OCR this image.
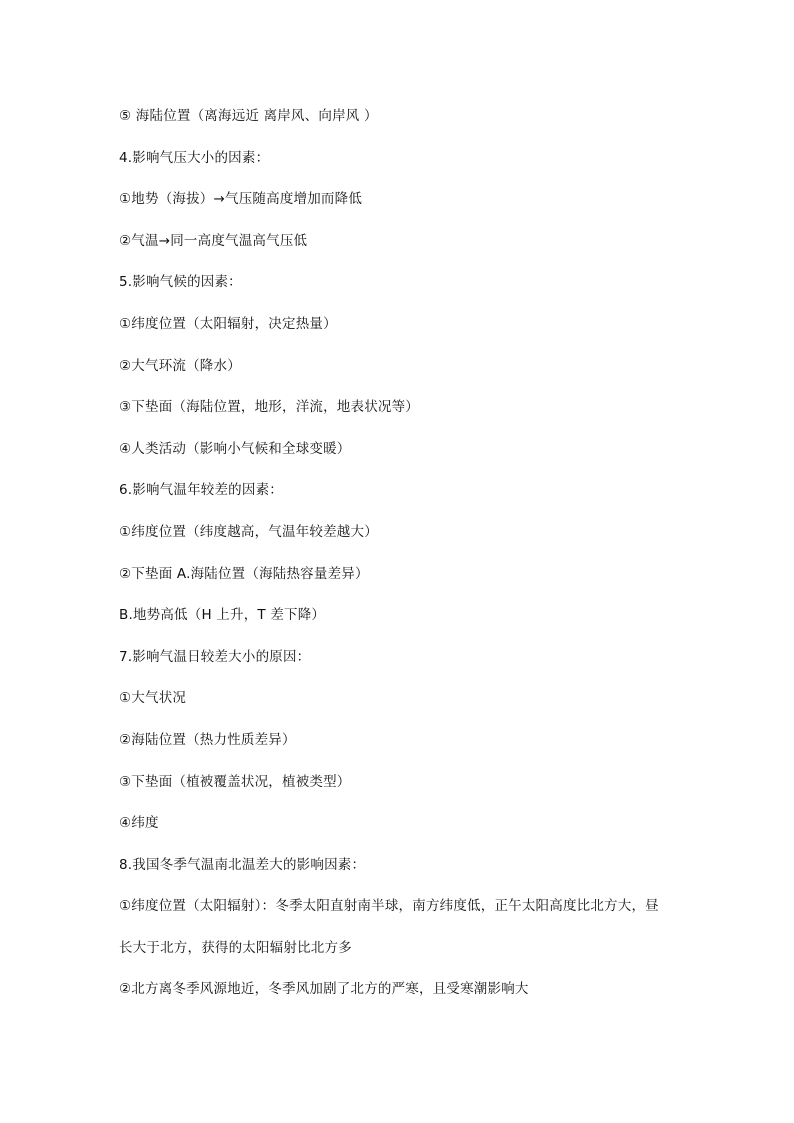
⑤ 海陆位置（离海远近 离岸风、向岸风 ）

4.影响气压大小的因素：

①地势（海拔）→气压随高度增加而降低

②气温→同一高度气温高气压低

5.影响气候的因素：

①纬度位置（太阳辐射，决定热量）

②大气环流（降水）

③下垫面（海陆位置，地形，洋流，地表状况等）

④人类活动（影响小气候和全球变暖）

6.影响气温年较差的因素：

①纬度位置（纬度越高，气温年较差越大）

②下垫面 A.海陆位置（海陆热容量差异）

B.地势高低（H 上升，T 差下降）

7.影响气温日较差大小的原因：

①大气状况

②海陆位置（热力性质差异）

③下垫面（植被覆盖状况，植被类型）

④纬度

8.我国冬季气温南北温差大的影响因素：

①纬度位置（太阳辐射）：冬季太阳直射南半球，南方纬度低，正午太阳高度比北方大，昼

长大于北方，获得的太阳辐射比北方多

②北方离冬季风源地近，冬季风加剧了北方的严寒，且受寒潮影响大
